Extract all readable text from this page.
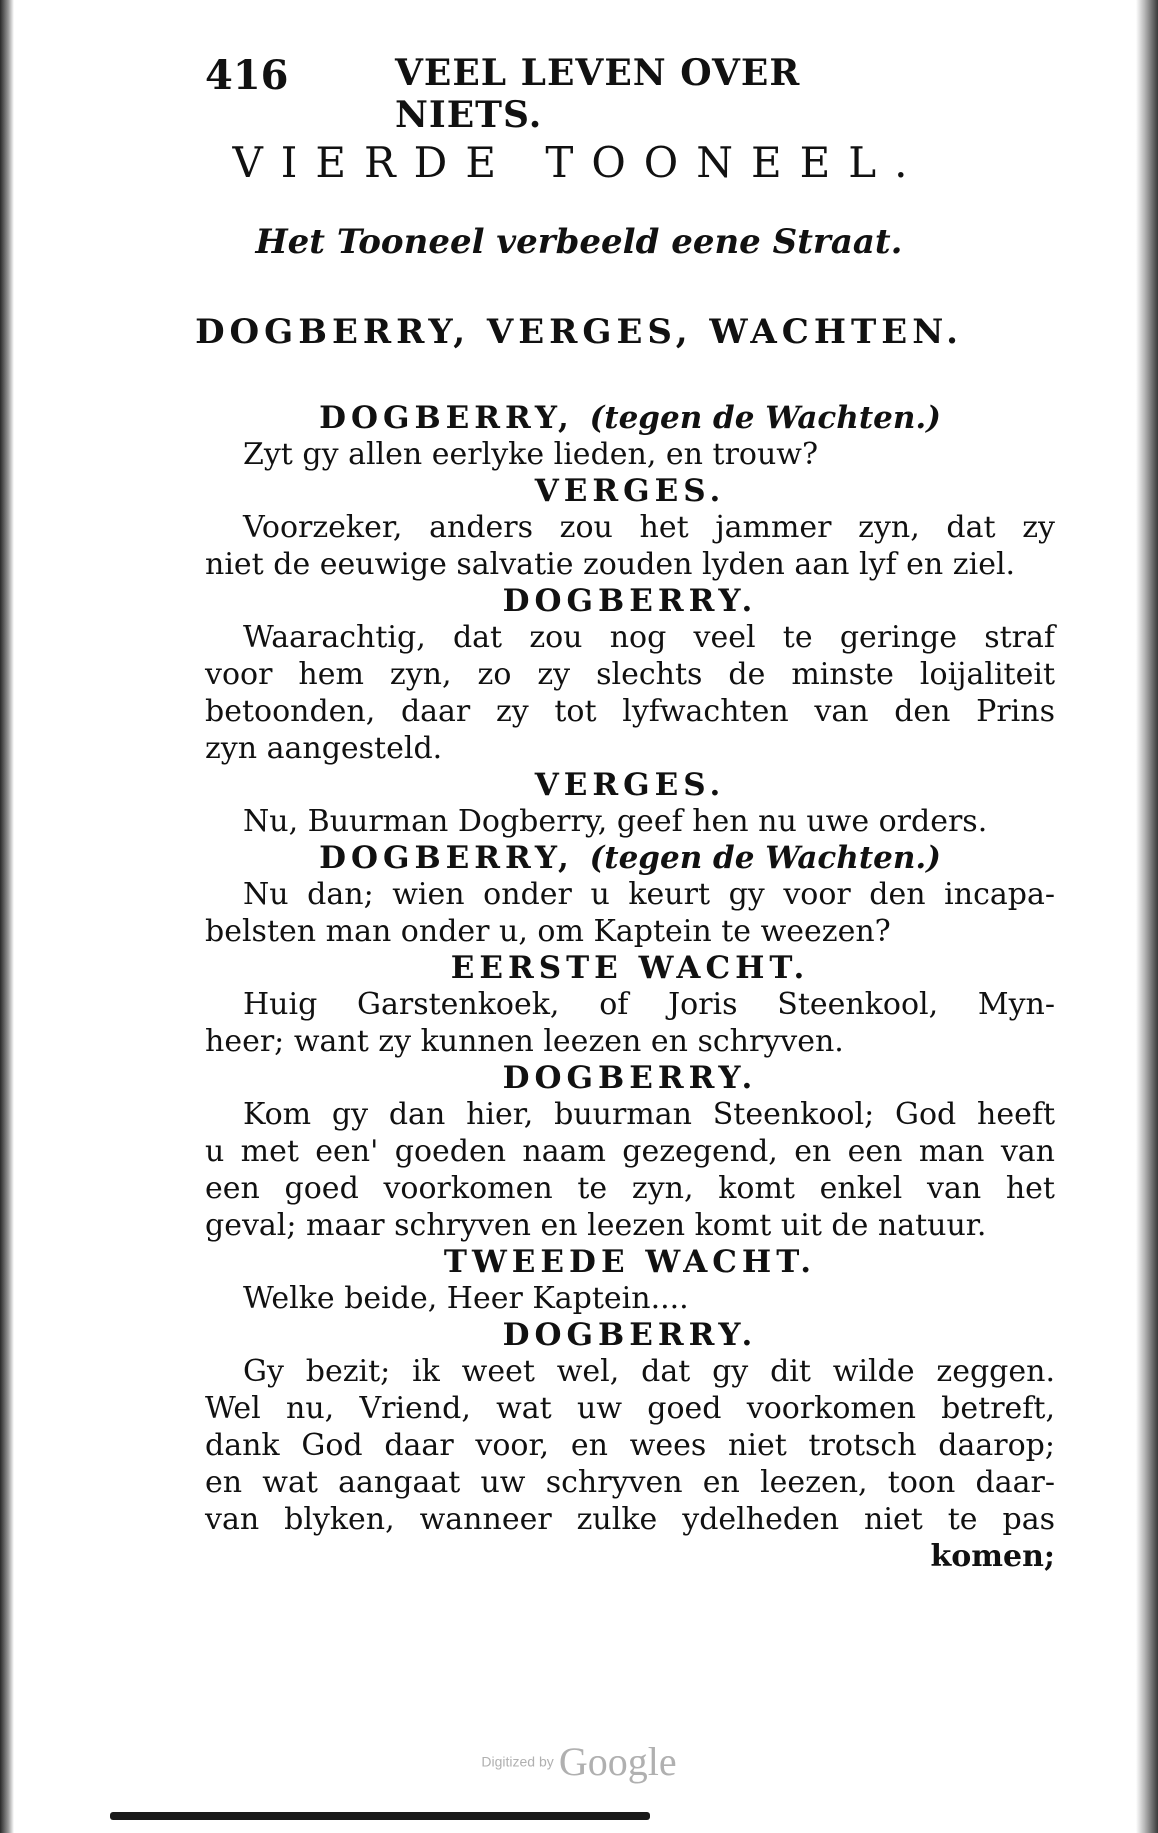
416	VEEL LEVEN OVER NIETS.
VIERDE TOONEEL.
Het Tooneel verbeeld eene Straat.
DOGBERRY, VERGES, WACHTEN.
DOGBERRY, (tegen de Wachten.)
Zyt gy allen eerlyke lieden, en trouw?
VERGES.
Voorzeker, anders zou het jammer zyn, dat zy
niet de eeuwige salvatie zouden lyden aan lyf en ziel.
DOGBERRY.
Waarachtig, dat zou nog veel te geringe straf
voor hem zyn, zo zy slechts de minste loijaliteit
betoonden, daar zy tot lyfwachten van den Prins
zyn aangesteld.
VERGES.
Nu, Buurman Dogberry, geef hen nu uwe orders.
DOGBERRY, (tegen de Wachten.)
Nu dan; wien onder u keurt gy voor den incapa-
belsten man onder u, om Kaptein te weezen?
EERSTE WACHT.
Huig Garstenkoek, of Joris Steenkool, Myn-
heer; want zy kunnen leezen en schryven.
DOGBERRY.
Kom gy dan hier, buurman Steenkool; God heeft
u met een' goeden naam gezegend, en een man van
een goed voorkomen te zyn, komt enkel van het
geval; maar schryven en leezen komt uit de natuur.
TWEEDE WACHT.
Welke beide, Heer Kaptein....
DOGBERRY.
Gy bezit; ik weet wel, dat gy dit wilde zeggen.
Wel nu, Vriend, wat uw goed voorkomen betreft,
dank God daar voor, en wees niet trotsch daarop;
en wat aangaat uw schryven en leezen, toon daar-
van blyken, wanneer zulke ydelheden niet te pas
komen;
Digitized by Google
